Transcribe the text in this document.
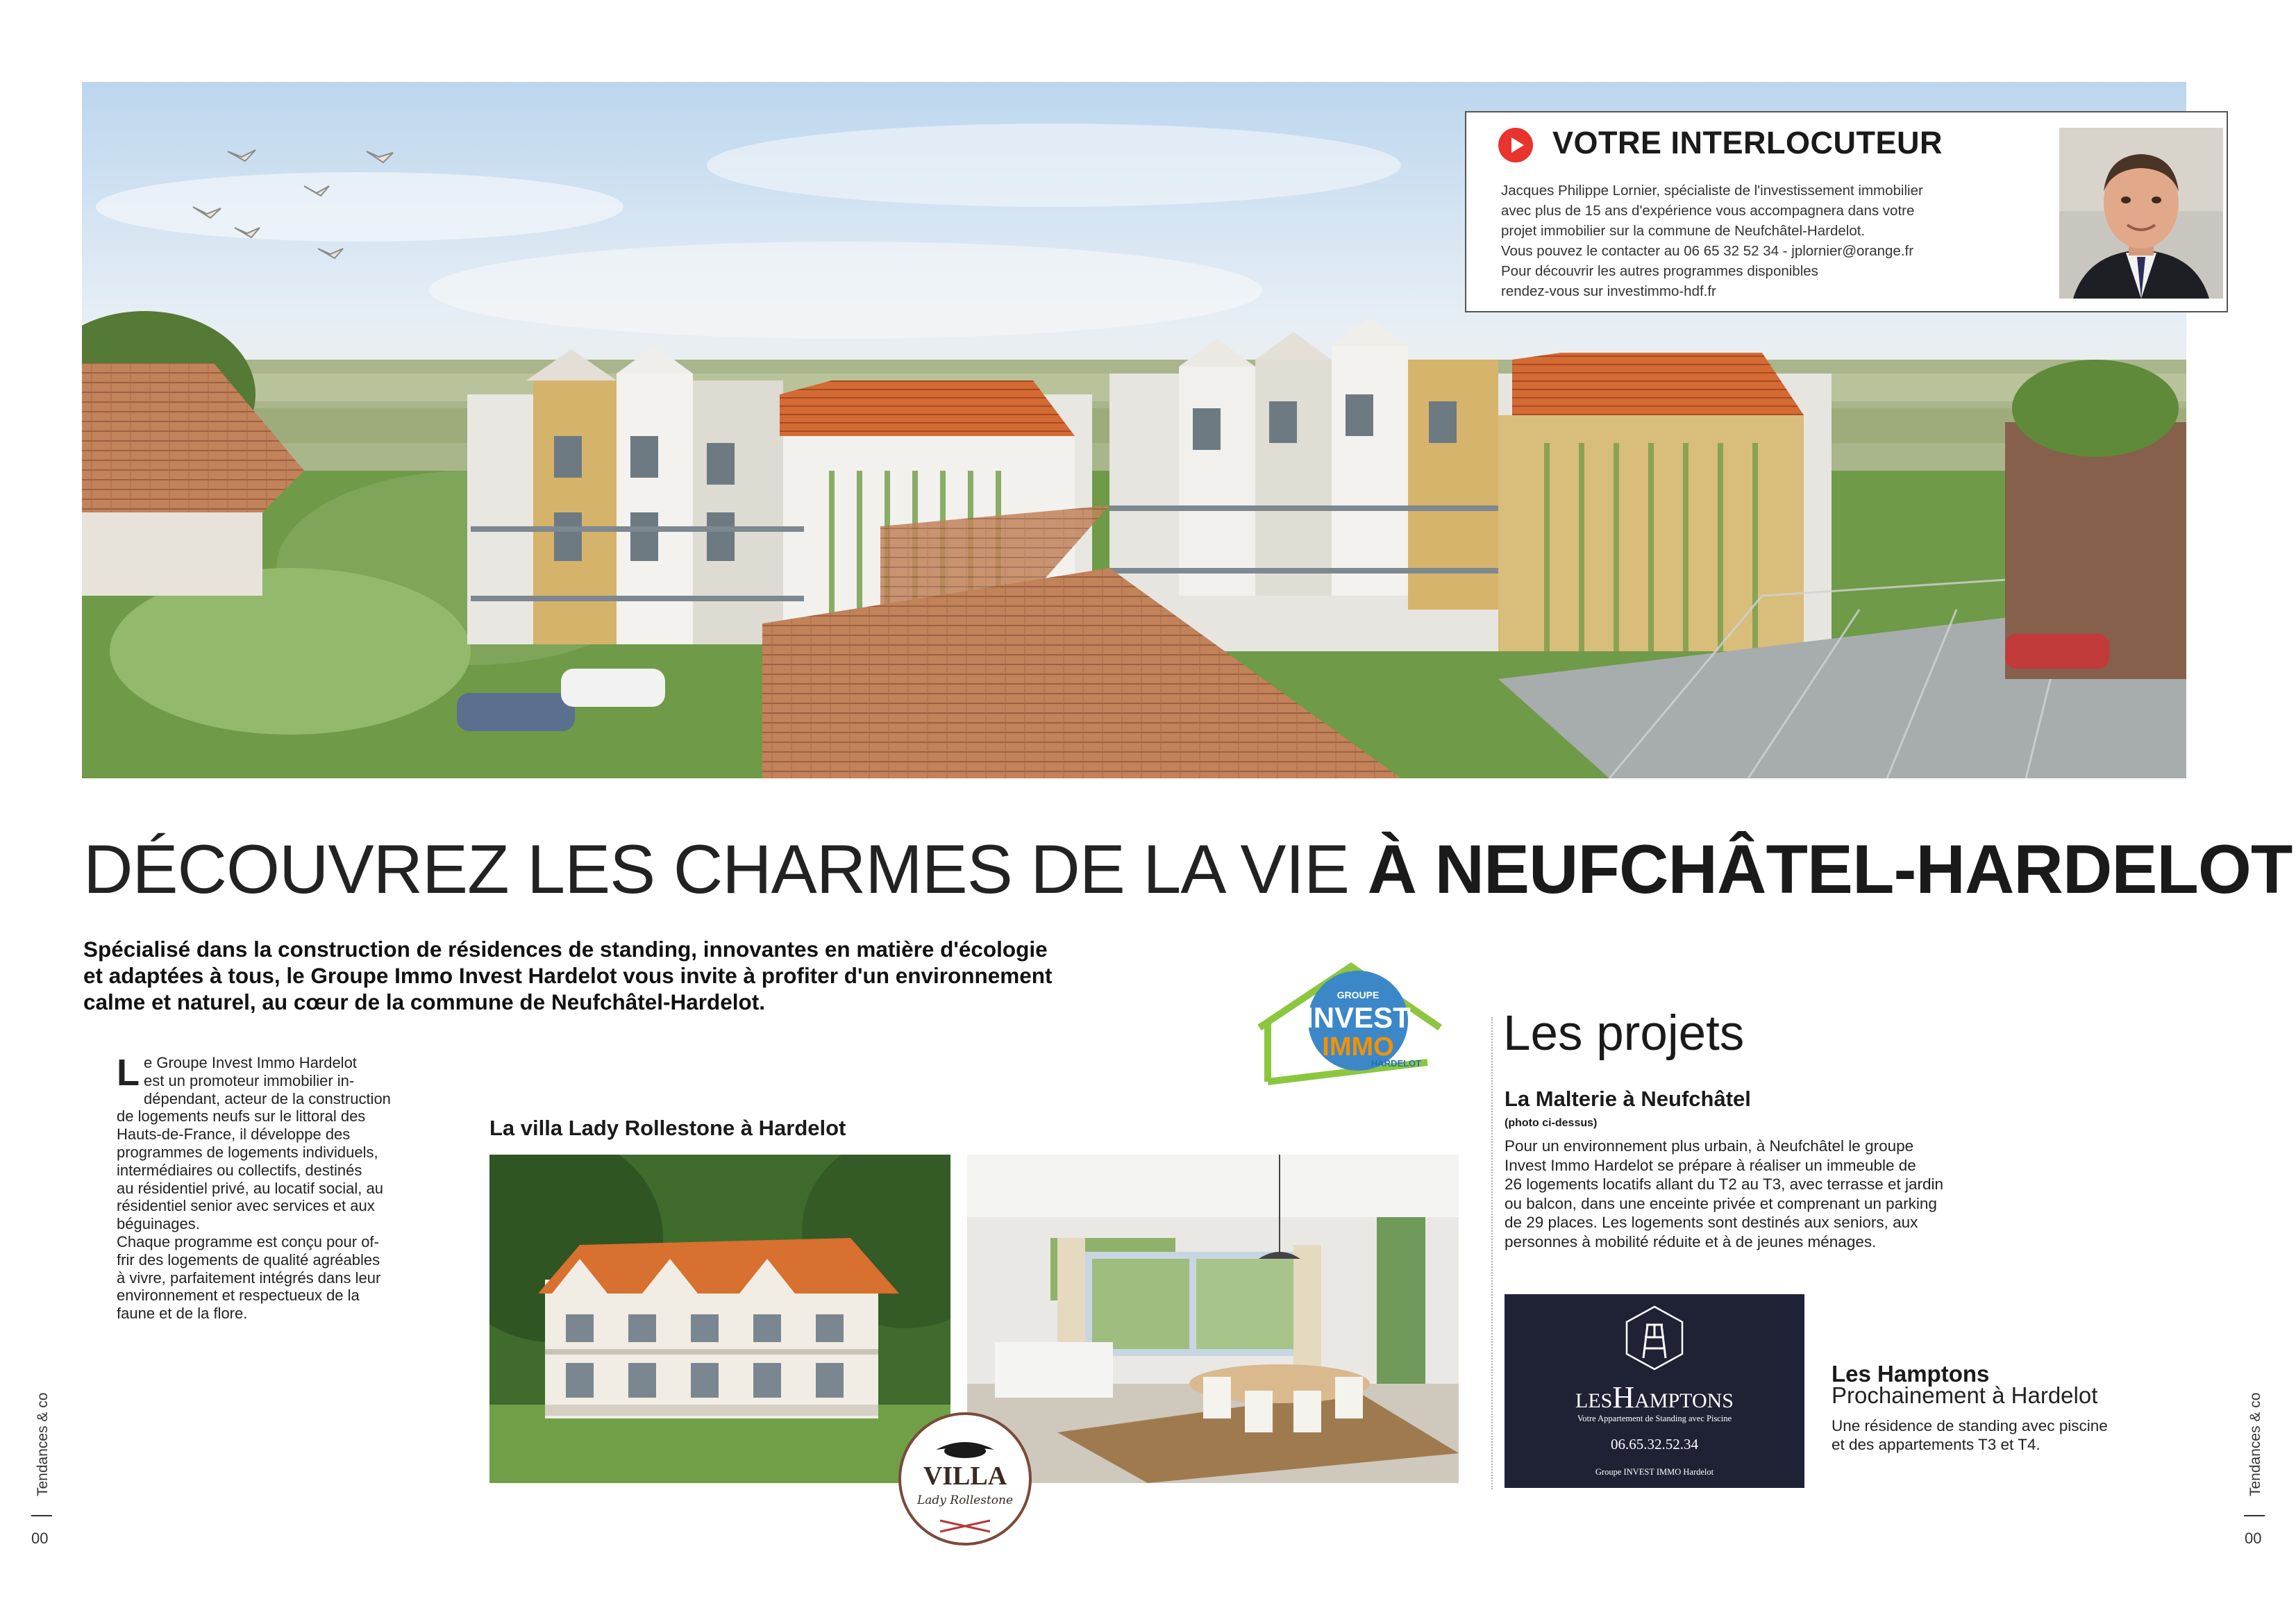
VOTRE INTERLOCUTEUR
Jacques Philippe Lornier, spécialiste de l'investissement immobilier
avec plus de 15 ans d'expérience vous accompagnera dans votre
projet immobilier sur la commune de Neufchâtel-Hardelot.
Vous pouvez le contacter au 06 65 32 52 34 - jplornier@orange.fr
Pour découvrir les autres programmes disponibles
rendez-vous sur investimmo-hdf.fr
DÉCOUVREZ LES CHARMES DE LA VIE À NEUFCHÂTEL-HARDELOT
Spécialisé dans la construction de résidences de standing, innovantes en matière d'écologie
et adaptées à tous, le Groupe Immo Invest Hardelot vous invite à profiter d'un environnement
calme et naturel, au cœur de la commune de Neufchâtel-Hardelot.
L e Groupe Invest Immo Hardelot
est un promoteur immobilier in-
dépendant, acteur de la construction
de logements neufs sur le littoral des
Hauts-de-France, il développe des
programmes de logements individuels,
intermédiaires ou collectifs, destinés
au résidentiel privé, au locatif social, au
résidentiel senior avec services et aux
béguinages.
Chaque programme est conçu pour of-
frir des logements de qualité agréables
à vivre, parfaitement intégrés dans leur
environnement et respectueux de la
faune et de la flore.
La villa Lady Rollestone à Hardelot
VILLA
Lady Rollestone
GROUPE
INVEST
IMMO
HARDELOT
Les projets
La Malterie à Neufchâtel
(photo ci-dessus)
Pour un environnement plus urbain, à Neufchâtel le groupe
Invest Immo Hardelot se prépare à réaliser un immeuble de
26 logements locatifs allant du T2 au T3, avec terrasse et jardin
ou balcon, dans une enceinte privée et comprenant un parking
de 29 places. Les logements sont destinés aux seniors, aux
personnes à mobilité réduite et à de jeunes ménages.
LESHAMPTONS
Votre Appartement de Standing avec Piscine
06.65.32.52.34
Groupe INVEST IMMO Hardelot
Les Hamptons
Prochainement à Hardelot
Une résidence de standing avec piscine
et des appartements T3 et T4.
Tendances & co
00
Tendances & co
00
